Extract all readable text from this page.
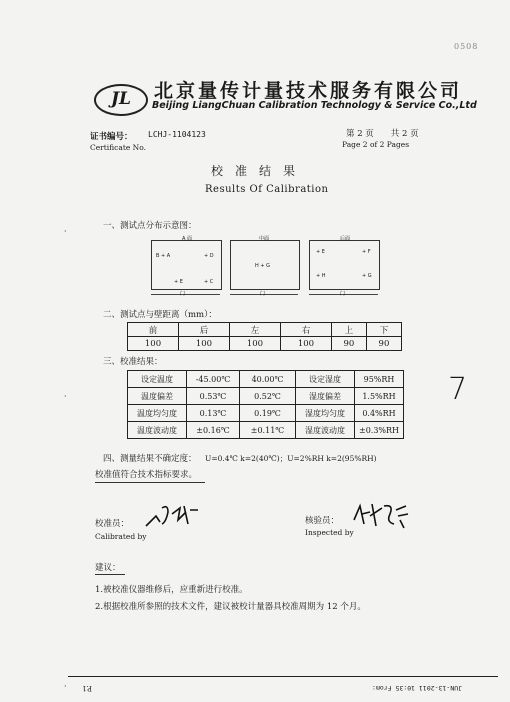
0508
JL	北京量传计量技术服务有限公司
Beijing LiangChuan Calibration Technology & Service Co.,Ltd
证书编号： LCHJ-1104123
Certificate No.
第 2 页　　共 2 页
Page 2 of 2 Pages
校　准　结　果
Results Of Calibration
一、测试点分布示意图：
A 面
B + A	+ D
+ E	+ C
门
中面
H + G
门
后面
+ E	+ F
+ H	+ G
门
二、测试点与壁距离（mm）：
前	后	左	右	上	下
100	100	100	100	90	90
三、校准结果：
设定温度	-45.00℃	40.00℃	设定湿度	95%RH
温度偏差	0.53℃	0.52℃	湿度偏差	1.5%RH
温度均匀度	0.13℃	0.19℃	湿度均匀度	0.4%RH
温度波动度	±0.16℃	±0.11℃	湿度波动度	±0.3%RH
7
四、测量结果不确定度： U=0.4℃ k=2(40℃)；U=2%RH k=2(95%RH)
校准值符合技术指标要求。
校准员：
Calibrated by
核验员：
Inspected by
建议：
1.被校准仪器维修后，应重新进行校准。
2.根据校准所参照的技术文件，建议被校计量器具校准周期为 12 个月。
P.1	JUN-13-2011 10:35 From:
·
·
·
